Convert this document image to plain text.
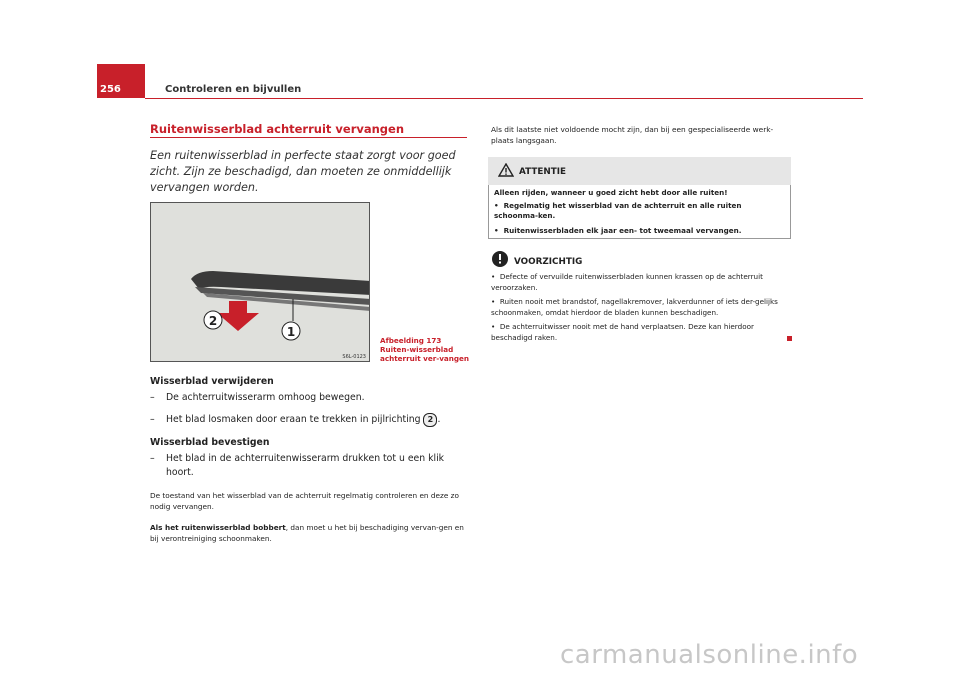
256	Controleren en bijvullen
Ruitenwisserblad achterruit vervangen
Een ruitenwisserblad in perfecte staat zorgt voor goed zicht. Zijn ze beschadigd, dan moeten ze onmiddellijk vervangen worden.
2
1
S6L-0123
Afbeelding 173 Ruiten-wisserblad achterruit ver-vangen
Wisserblad verwijderen
– De achterruitwisserarm omhoog bewegen.
– Het blad losmaken door eraan te trekken in pijlrichting 2 .
Wisserblad bevestigen
–	Het blad in de achterruitenwisserarm drukken tot u een klik hoort.
De toestand van het wisserblad van de achterruit regelmatig controleren en deze zo nodig vervangen.
Als het ruitenwisserblad bobbert, dan moet u het bij beschadiging vervan-gen en bij verontreiniging schoonmaken.
Als dit laatste niet voldoende mocht zijn, dan bij een gespecialiseerde werk-plaats langsgaan.
ATTENTIE
Alleen rijden, wanneer u goed zicht hebt door alle ruiten!
• Regelmatig het wisserblad van de achterruit en alle ruiten schoonma-ken.
• Ruitenwisserbladen elk jaar een- tot tweemaal vervangen.
VOORZICHTIG
• Defecte of vervuilde ruitenwisserbladen kunnen krassen op de achterruit veroorzaken.
• Ruiten nooit met brandstof, nagellakremover, lakverdunner of iets der-gelijks schoonmaken, omdat hierdoor de bladen kunnen beschadigen.
• De achterruitwisser nooit met de hand verplaatsen. Deze kan hierdoor beschadigd raken.
carmanualsonline.info
